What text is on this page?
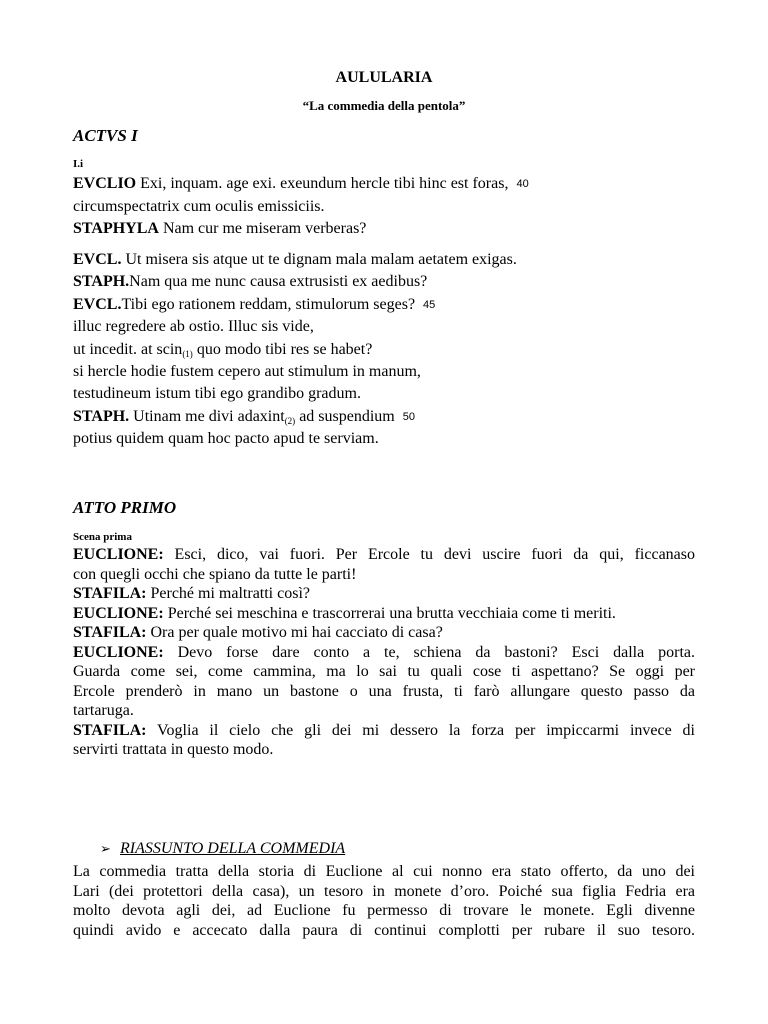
AULULARIA
“La commedia della pentola”
ACTVS I
I.i
EVCLIO Exi, inquam. age exi. exeundum hercle tibi hinc est foras, 40
circumspectatrix cum oculis emissiciis.
STAPHYLA Nam cur me miseram verberas?
EVCL. Ut misera sis atque ut te dignam mala malam aetatem exigas.
STAPH.Nam qua me nunc causa extrusisti ex aedibus?
EVCL.Tibi ego rationem reddam, stimulorum seges? 45
illuc regredere ab ostio. Illuc sis vide,
ut incedit. at scin(1) quo modo tibi res se habet?
si hercle hodie fustem cepero aut stimulum in manum,
testudineum istum tibi ego grandibo gradum.
STAPH. Utinam me divi adaxint(2) ad suspendium 50
potius quidem quam hoc pacto apud te serviam.
ATTO PRIMO
Scena prima
EUCLIONE: Esci, dico, vai fuori. Per Ercole tu devi uscire fuori da qui, ficcanaso
con quegli occhi che spiano da tutte le parti!
STAFILA: Perché mi maltratti così?
EUCLIONE: Perché sei meschina e trascorrerai una brutta vecchiaia come ti meriti.
STAFILA: Ora per quale motivo mi hai cacciato di casa?
EUCLIONE: Devo forse dare conto a te, schiena da bastoni? Esci dalla porta.
Guarda come sei, come cammina, ma lo sai tu quali cose ti aspettano? Se oggi per
Ercole prenderò in mano un bastone o una frusta, ti farò allungare questo passo da
tartaruga.
STAFILA: Voglia il cielo che gli dei mi dessero la forza per impiccarmi invece di
servirti trattata in questo modo.
➢ RIASSUNTO DELLA COMMEDIA
La commedia tratta della storia di Euclione al cui nonno era stato offerto, da uno dei
Lari (dei protettori della casa), un tesoro in monete d’oro. Poiché sua figlia Fedria era
molto devota agli dei, ad Euclione fu permesso di trovare le monete. Egli divenne
quindi avido e accecato dalla paura di continui complotti per rubare il suo tesoro.
